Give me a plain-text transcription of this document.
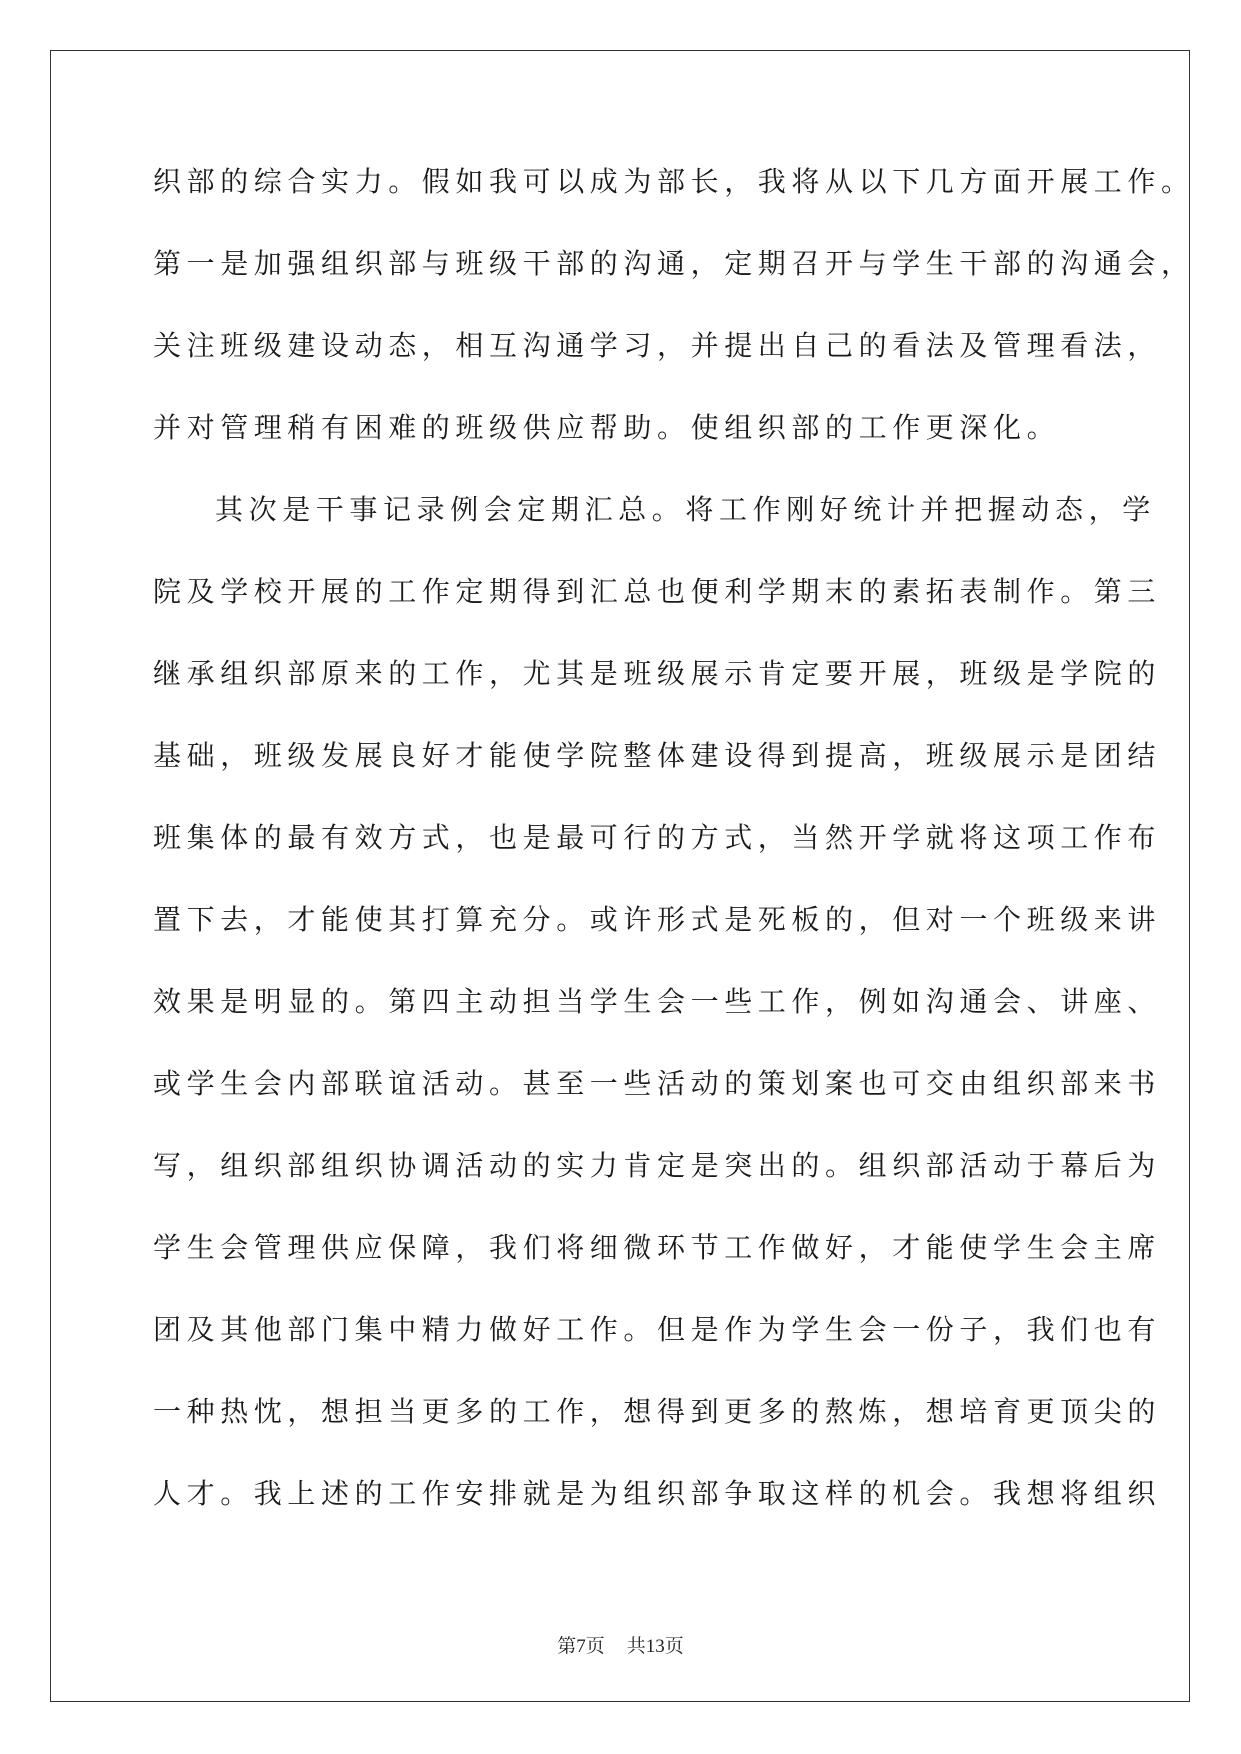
织部的综合实力。假如我可以成为部长，我将从以下几方面开展工作。

第一是加强组织部与班级干部的沟通，定期召开与学生干部的沟通会，

关注班级建设动态，相互沟通学习，并提出自己的看法及管理看法，

并对管理稍有困难的班级供应帮助。使组织部的工作更深化。

其次是干事记录例会定期汇总。将工作刚好统计并把握动态，学

院及学校开展的工作定期得到汇总也便利学期末的素拓表制作。第三

继承组织部原来的工作，尤其是班级展示肯定要开展，班级是学院的

基础，班级发展良好才能使学院整体建设得到提高，班级展示是团结

班集体的最有效方式，也是最可行的方式，当然开学就将这项工作布

置下去，才能使其打算充分。或许形式是死板的，但对一个班级来讲

效果是明显的。第四主动担当学生会一些工作，例如沟通会、讲座、

或学生会内部联谊活动。甚至一些活动的策划案也可交由组织部来书

写，组织部组织协调活动的实力肯定是突出的。组织部活动于幕后为

学生会管理供应保障，我们将细微环节工作做好，才能使学生会主席

团及其他部门集中精力做好工作。但是作为学生会一份子，我们也有

一种热忱，想担当更多的工作，想得到更多的熬炼，想培育更顶尖的

人才。我上述的工作安排就是为组织部争取这样的机会。我想将组织

第7页 共13页
